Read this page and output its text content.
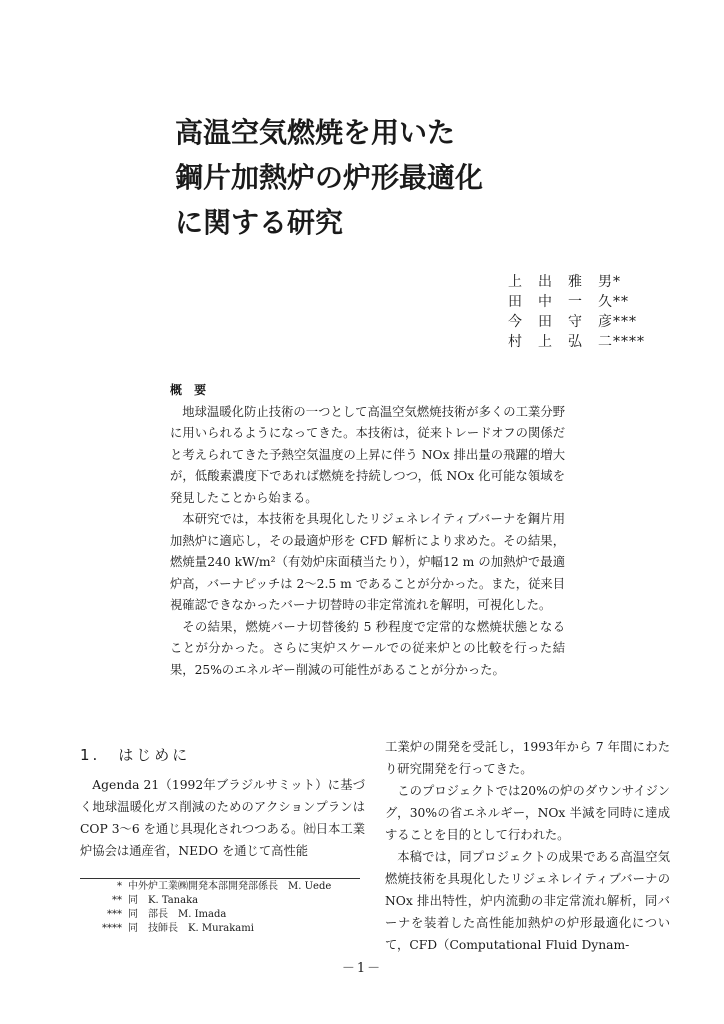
高温空気燃焼を用いた
鋼片加熱炉の炉形最適化
に関する研究
上　出　雅　男*
田　中　一　久**
今　田　守　彦***
村　上　弘　二****
概 要

地球温暖化防止技術の一つとして高温空気燃焼技術が多くの工業分野に用いられるようになってきた。本技術は，従来トレードオフの関係だと考えられてきた予熱空気温度の上昇に伴う NOx 排出量の飛躍的増大が，低酸素濃度下であれば燃焼を持続しつつ，低 NOx 化可能な領域を発見したことから始まる。

本研究では，本技術を具現化したリジェネレイティブバーナを鋼片用加熱炉に適応し，その最適炉形を CFD 解析により求めた。その結果，燃焼量240 kW/m²（有効炉床面積当たり），炉幅12 m の加熱炉で最適炉高，バーナピッチは 2～2.5 m であることが分かった。また，従来目視確認できなかったバーナ切替時の非定常流れを解明，可視化した。

その結果，燃焼バーナ切替後約 5 秒程度で定常的な燃焼状態となることが分かった。さらに実炉スケールでの従来炉との比較を行った結果，25%のエネルギー削減の可能性があることが分かった。

1.　はじめに

Agenda 21（1992年ブラジルサミット）に基づく地球温暖化ガス削減のためのアクションプランは COP 3～6 を通じ具現化されつつある。㈳日本工業炉協会は通産省，NEDO を通じて高性能

工業炉の開発を受託し，1993年から 7 年間にわたり研究開発を行ってきた。

このプロジェクトでは20%の炉のダウンサイジング，30%の省エネルギー，NOx 半減を同時に達成することを目的として行われた。

本稿では，同プロジェクトの成果である高温空気燃焼技術を具現化したリジェネレイティブバーナの NOx 排出特性，炉内流動の非定常流れ解析，同バーナを装着した高性能加熱炉の炉形最適化について，CFD（Computational Fluid Dynam-

* 中外炉工業㈱開発本部開発部係長　M. Uede
** 同　K. Tanaka
*** 同　部長　M. Imada
**** 同　技師長　K. Murakami
－1－
